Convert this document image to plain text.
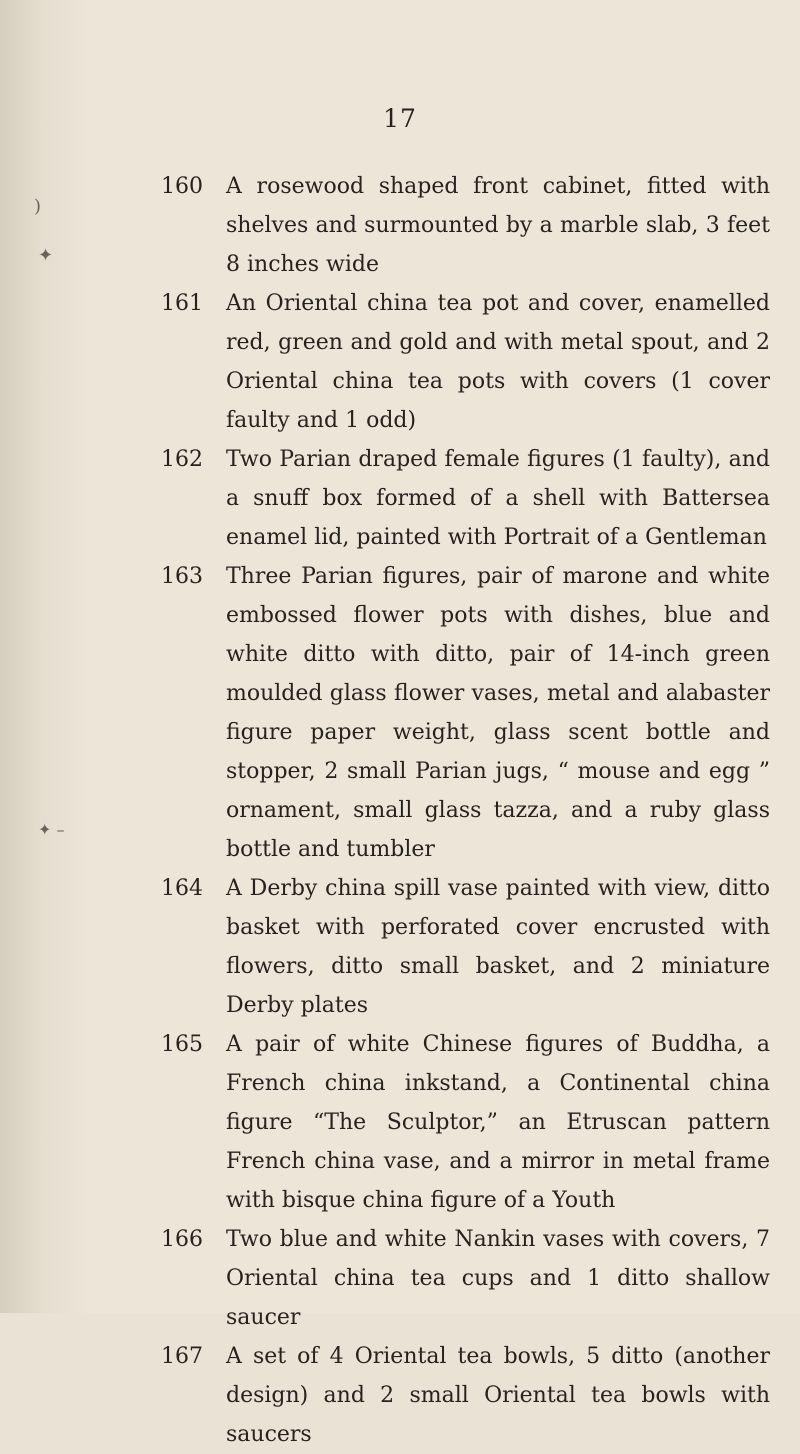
17
)
✦
✦ –
160 A rosewood shaped front cabinet, fitted with shelves and surmounted by a marble slab, 3 feet 8 inches wide
161 An Oriental china tea pot and cover, enamelled red, green and gold and with metal spout, and 2 Oriental china tea pots with covers (1 cover faulty and 1 odd)
162 Two Parian draped female figures (1 faulty), and a snuff box formed of a shell with Battersea enamel lid, painted with Portrait of a Gentleman
163 Three Parian figures, pair of marone and white embossed flower pots with dishes, blue and white ditto with ditto, pair of 14-inch green moulded glass flower vases, metal and alabaster figure paper weight, glass scent bottle and stopper, 2 small Parian jugs, “ mouse and egg ” ornament, small glass tazza, and a ruby glass bottle and tumbler
164 A Derby china spill vase painted with view, ditto basket with perforated cover encrusted with flowers, ditto small basket, and 2 miniature Derby plates
165 A pair of white Chinese figures of Buddha, a French china inkstand, a Continental china figure “The Sculptor,” an Etruscan pattern French china vase, and a mirror in metal frame with bisque china figure of a Youth
166 Two blue and white Nankin vases with covers, 7 Oriental china tea cups and 1 ditto shallow saucer
167 A set of 4 Oriental tea bowls, 5 ditto (another design) and 2 small Oriental tea bowls with saucers
